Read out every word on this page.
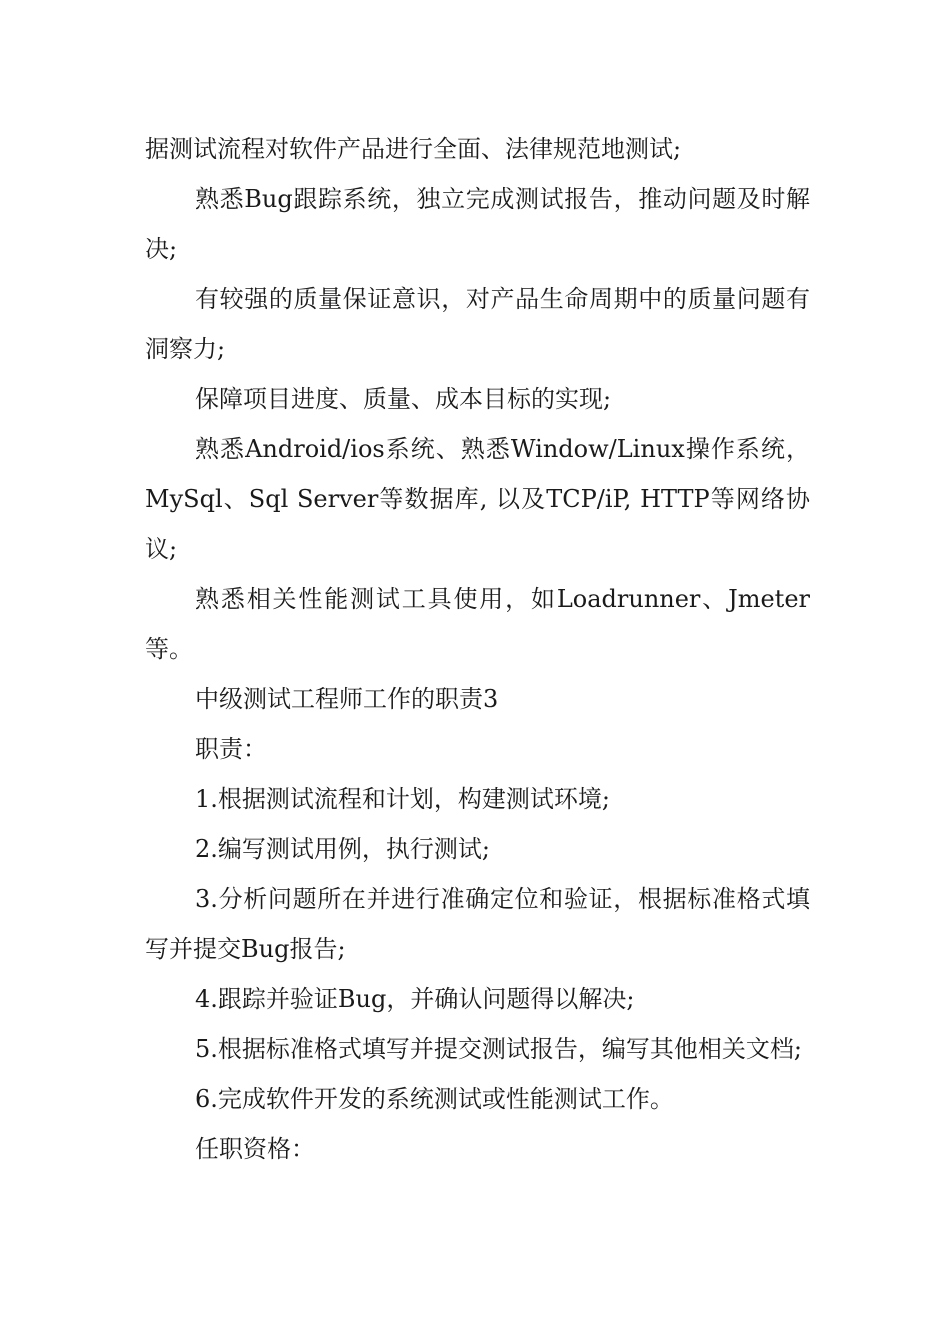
据测试流程对软件产品进行全面、法律规范地测试;

熟悉Bug跟踪系统，独立完成测试报告，推动问题及时解决;

有较强的质量保证意识，对产品生命周期中的质量问题有洞察力;

保障项目进度、质量、成本目标的实现;

熟悉Android/ios系统、熟悉Window/Linux操作系统，MySql、Sql Server等数据库, 以及TCP/iP, HTTP等网络协议;

熟悉相关性能测试工具使用，如Loadrunner、Jmeter等。

中级测试工程师工作的职责3

职责：

1.根据测试流程和计划，构建测试环境;

2.编写测试用例，执行测试;

3.分析问题所在并进行准确定位和验证，根据标准格式填写并提交Bug报告;

4.跟踪并验证Bug，并确认问题得以解决;

5.根据标准格式填写并提交测试报告，编写其他相关文档;

6.完成软件开发的系统测试或性能测试工作。

任职资格：
